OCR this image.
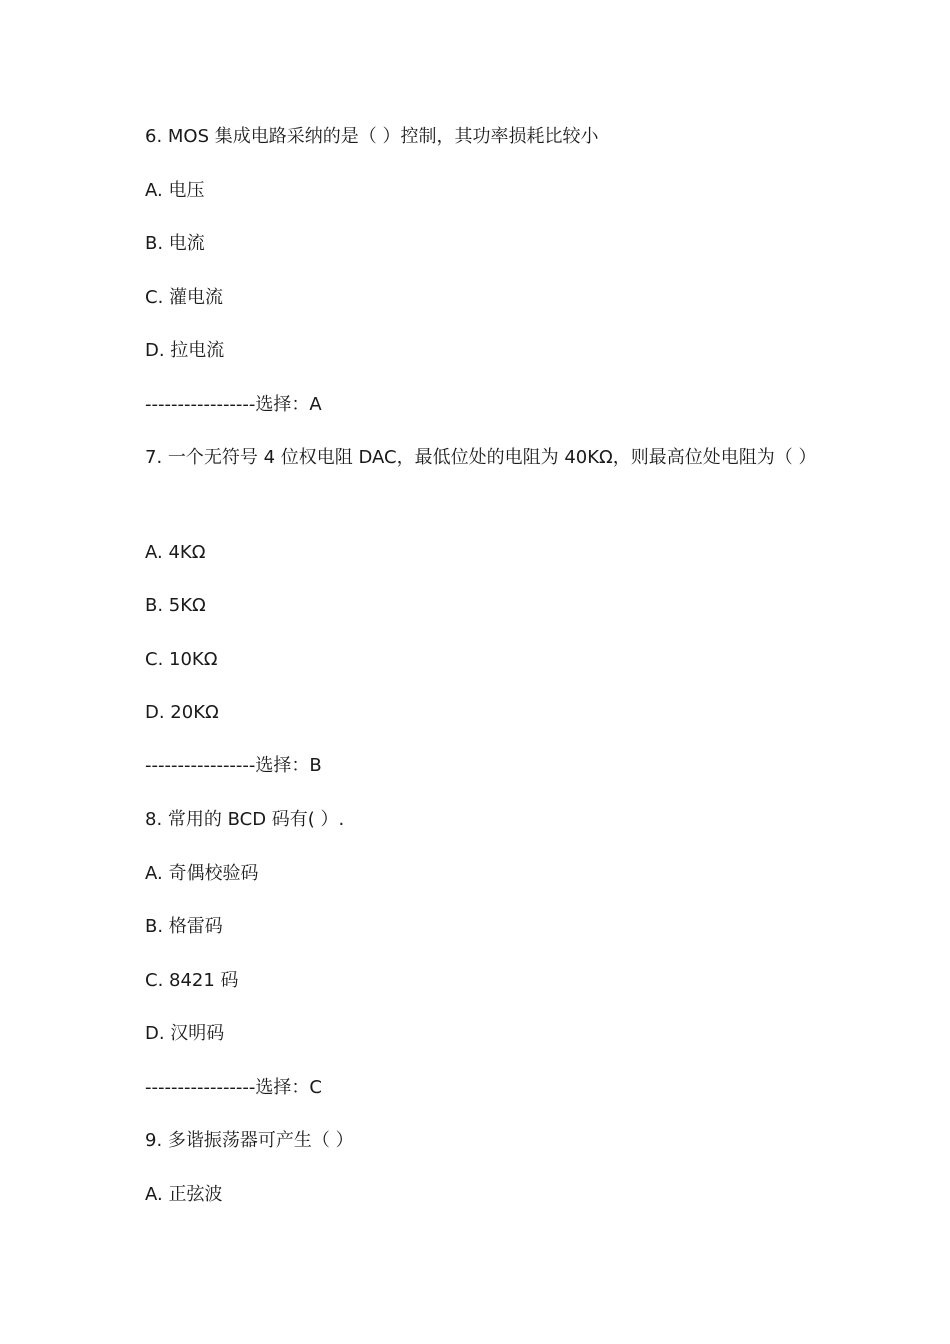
6. MOS 集成电路采纳的是（ ）控制，其功率损耗比较小
A. 电压
B. 电流
C. 灌电流
D. 拉电流
-----------------选择：A
7. 一个无符号 4 位权电阻 DAC，最低位处的电阻为 40KΩ，则最高位处电阻为（ ）
A. 4KΩ
B. 5KΩ
C. 10KΩ
D. 20KΩ
-----------------选择：B
8. 常用的 BCD 码有( ）.
A. 奇偶校验码
B. 格雷码
C. 8421 码
D. 汉明码
-----------------选择：C
9. 多谐振荡器可产生（ ）
A. 正弦波
